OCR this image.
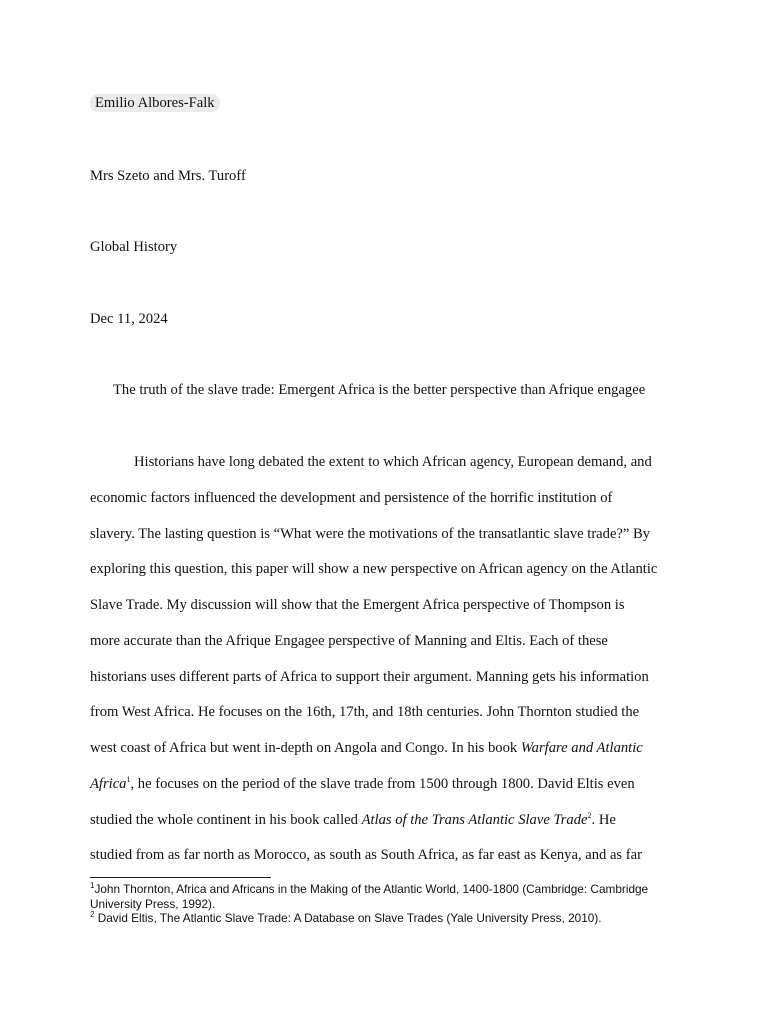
Emilio Albores-Falk
Mrs Szeto and Mrs. Turoff
Global History
Dec 11, 2024
The truth of the slave trade: Emergent Africa is the better perspective than Afrique engagee
Historians have long debated the extent to which African agency, European demand, and
economic factors influenced the development and persistence of the horrific institution of
slavery. The lasting question is “What were the motivations of the transatlantic slave trade?” By
exploring this question, this paper will show a new perspective on African agency on the Atlantic
Slave Trade. My discussion will show that the Emergent Africa perspective of Thompson is
more accurate than the Afrique Engagee perspective of Manning and Eltis. Each of these
historians uses different parts of Africa to support their argument. Manning gets his information
from West Africa. He focuses on the 16th, 17th, and 18th centuries. John Thornton studied the
west coast of Africa but went in-depth on Angola and Congo. In his book Warfare and Atlantic
Africa$^1$, he focuses on the period of the slave trade from 1500 through 1800. David Eltis even
studied the whole continent in his book called Atlas of the Trans Atlantic Slave Trade$^2$. He
studied from as far north as Morocco, as south as South Africa, as far east as Kenya, and as far
$^1$John Thornton, Africa and Africans in the Making of the Atlantic World, 1400-1800 (Cambridge: Cambridge University Press, 1992).
$^2$ David Eltis, The Atlantic Slave Trade: A Database on Slave Trades (Yale University Press, 2010).
